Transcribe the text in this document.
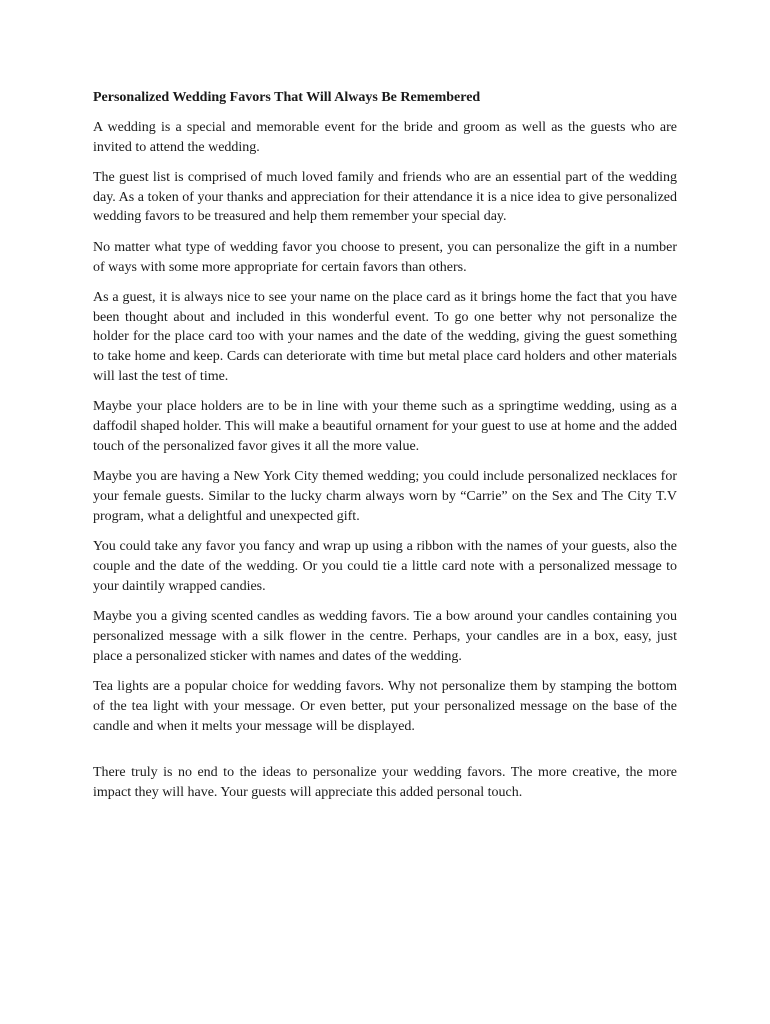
Personalized Wedding Favors That Will Always Be Remembered

A wedding is a special and memorable event for the bride and groom as well as the guests who are invited to attend the wedding.

The guest list is comprised of much loved family and friends who are an essential part of the wedding day. As a token of your thanks and appreciation for their attendance it is a nice idea to give personalized wedding favors to be treasured and help them remember your special day.

No matter what type of wedding favor you choose to present, you can personalize the gift in a number of ways with some more appropriate for certain favors than others.

As a guest, it is always nice to see your name on the place card as it brings home the fact that you have been thought about and included in this wonderful event. To go one better why not personalize the holder for the place card too with your names and the date of the wedding, giving the guest something to take home and keep. Cards can deteriorate with time but metal place card holders and other materials will last the test of time.

Maybe your place holders are to be in line with your theme such as a springtime wedding, using as a daffodil shaped holder. This will make a beautiful ornament for your guest to use at home and the added touch of the personalized favor gives it all the more value.

Maybe you are having a New York City themed wedding; you could include personalized necklaces for your female guests. Similar to the lucky charm always worn by “Carrie” on the Sex and The City T.V program, what a delightful and unexpected gift.

You could take any favor you fancy and wrap up using a ribbon with the names of your guests, also the couple and the date of the wedding. Or you could tie a little card note with a personalized message to your daintily wrapped candies.

Maybe you a giving scented candles as wedding favors. Tie a bow around your candles containing you personalized message with a silk flower in the centre. Perhaps, your candles are in a box, easy, just place a personalized sticker with names and dates of the wedding.

Tea lights are a popular choice for wedding favors. Why not personalize them by stamping the bottom of the tea light with your message. Or even better, put your personalized message on the base of the candle and when it melts your message will be displayed.

There truly is no end to the ideas to personalize your wedding favors. The more creative, the more impact they will have. Your guests will appreciate this added personal touch.
